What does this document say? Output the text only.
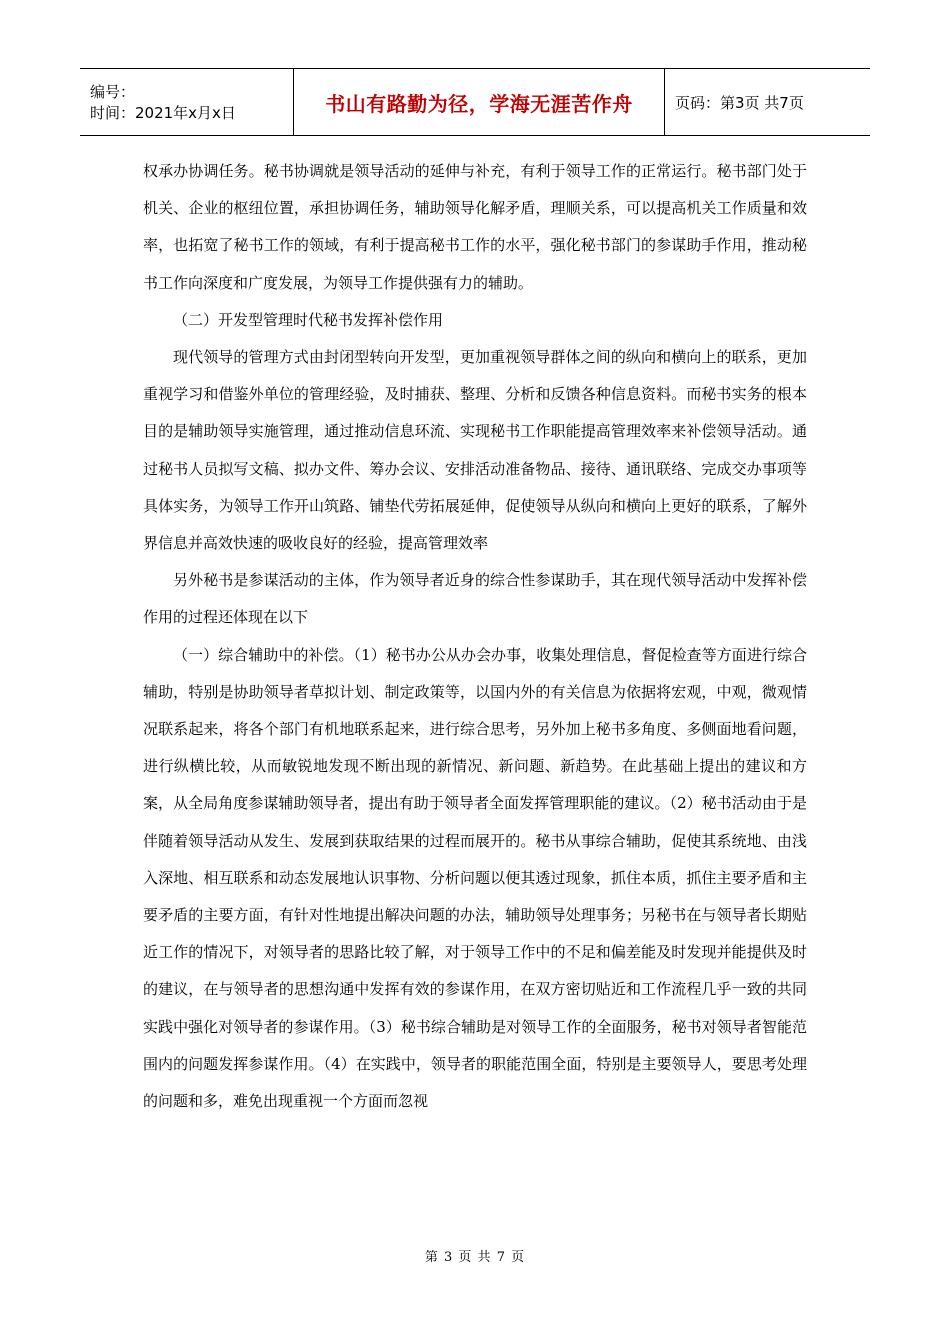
编号：
时间：2021年x月x日	书山有路勤为径，学海无涯苦作舟	页码：第3页 共7页

权承办协调任务。秘书协调就是领导活动的延伸与补充，有利于领导工作的正常运行。秘书部门处于机关、企业的枢纽位置，承担协调任务，辅助领导化解矛盾，理顺关系，可以提高机关工作质量和效率，也拓宽了秘书工作的领域，有利于提高秘书工作的水平，强化秘书部门的参谋助手作用，推动秘书工作向深度和广度发展，为领导工作提供强有力的辅助。

（二）开发型管理时代秘书发挥补偿作用

现代领导的管理方式由封闭型转向开发型，更加重视领导群体之间的纵向和横向上的联系，更加重视学习和借鉴外单位的管理经验，及时捕获、整理、分析和反馈各种信息资料。而秘书实务的根本目的是辅助领导实施管理，通过推动信息环流、实现秘书工作职能提高管理效率来补偿领导活动。通过秘书人员拟写文稿、拟办文件、筹办会议、安排活动准备物品、接待、通讯联络、完成交办事项等具体实务，为领导工作开山筑路、铺垫代劳拓展延伸，促使领导从纵向和横向上更好的联系，了解外界信息并高效快速的吸收良好的经验，提高管理效率

另外秘书是参谋活动的主体，作为领导者近身的综合性参谋助手，其在现代领导活动中发挥补偿作用的过程还体现在以下

（一）综合辅助中的补偿。（1）秘书办公从办会办事，收集处理信息，督促检查等方面进行综合辅助，特别是协助领导者草拟计划、制定政策等，以国内外的有关信息为依据将宏观，中观，微观情况联系起来，将各个部门有机地联系起来，进行综合思考，另外加上秘书多角度、多侧面地看问题，进行纵横比较，从而敏锐地发现不断出现的新情况、新问题、新趋势。在此基础上提出的建议和方案，从全局角度参谋辅助领导者，提出有助于领导者全面发挥管理职能的建议。（2）秘书活动由于是伴随着领导活动从发生、发展到获取结果的过程而展开的。秘书从事综合辅助，促使其系统地、由浅入深地、相互联系和动态发展地认识事物、分析问题以便其透过现象，抓住本质，抓住主要矛盾和主要矛盾的主要方面，有针对性地提出解决问题的办法，辅助领导处理事务；另秘书在与领导者长期贴近工作的情况下，对领导者的思路比较了解，对于领导工作中的不足和偏差能及时发现并能提供及时的建议，在与领导者的思想沟通中发挥有效的参谋作用，在双方密切贴近和工作流程几乎一致的共同实践中强化对领导者的参谋作用。（3）秘书综合辅助是对领导工作的全面服务，秘书对领导者智能范围内的问题发挥参谋作用。（4）在实践中，领导者的职能范围全面，特别是主要领导人，要思考处理的问题和多，难免出现重视一个方面而忽视

第 3 页 共 7 页
